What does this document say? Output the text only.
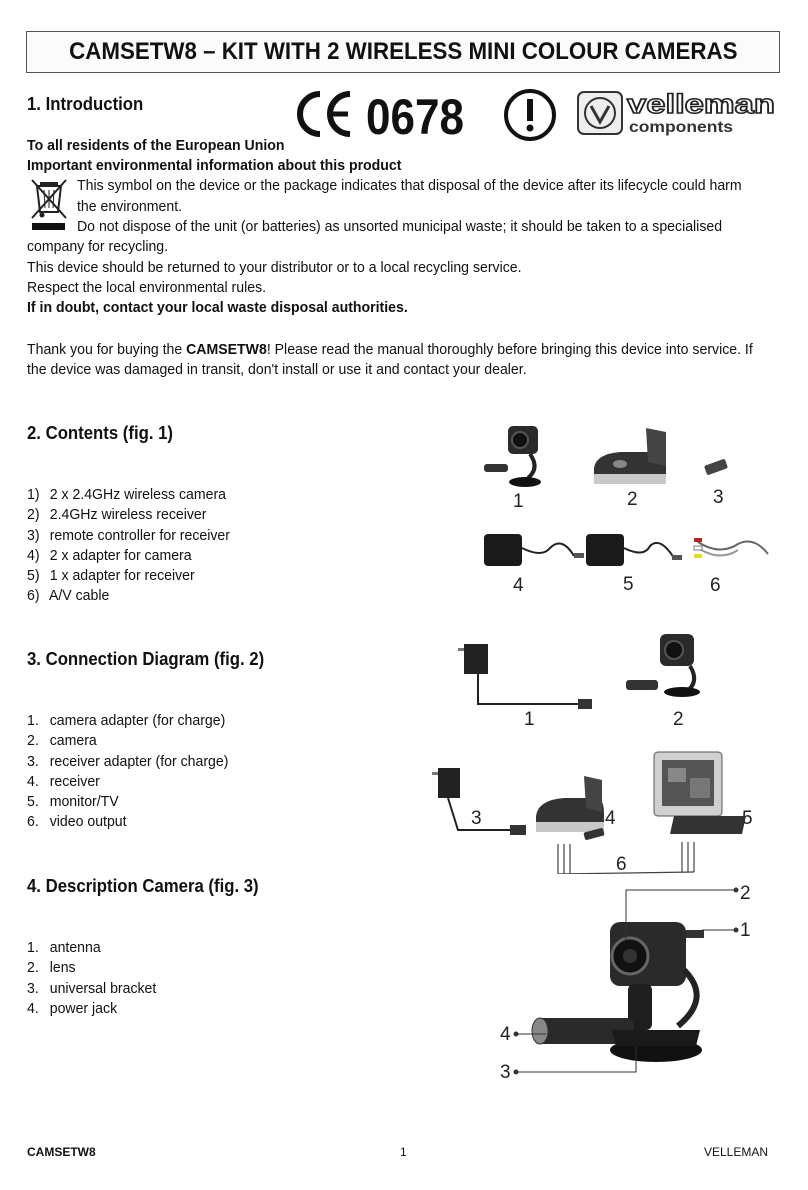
CAMSETW8 – KIT WITH 2 WIRELESS MINI COLOUR CAMERAS
1. Introduction	0678	velleman
components

To all residents of the European Union

Important environmental information about this product

This symbol on the device or the package indicates that disposal of the device after its lifecycle could harm

the environment.

Do not dispose of the unit (or batteries) as unsorted municipal waste; it should be taken to a specialised

company for recycling.

This device should be returned to your distributor or to a local recycling service.

Respect the local environmental rules.

If in doubt, contact your local waste disposal authorities.

Thank you for buying the CAMSETW8! Please read the manual thoroughly before bringing this device into service. If

the device was damaged in transit, don't install or use it and contact your dealer.

2. Contents (fig. 1)
1) 2 x 2.4GHz wireless camera
2) 2.4GHz wireless receiver
3) remote controller for receiver
4) 2 x adapter for camera
5) 1 x adapter for receiver
6) A/V cable
1	2	3
4	5	6
3. Connection Diagram (fig. 2)
1. camera adapter (for charge)
2. camera
3. receiver adapter (for charge)
4. receiver
5. monitor/TV
6. video output
1	2
3	4	5
6
4. Description Camera (fig. 3)
1. antenna
2. lens
3. universal bracket
4. power jack
2
1
4
3
CAMSETW8	1	VELLEMAN
